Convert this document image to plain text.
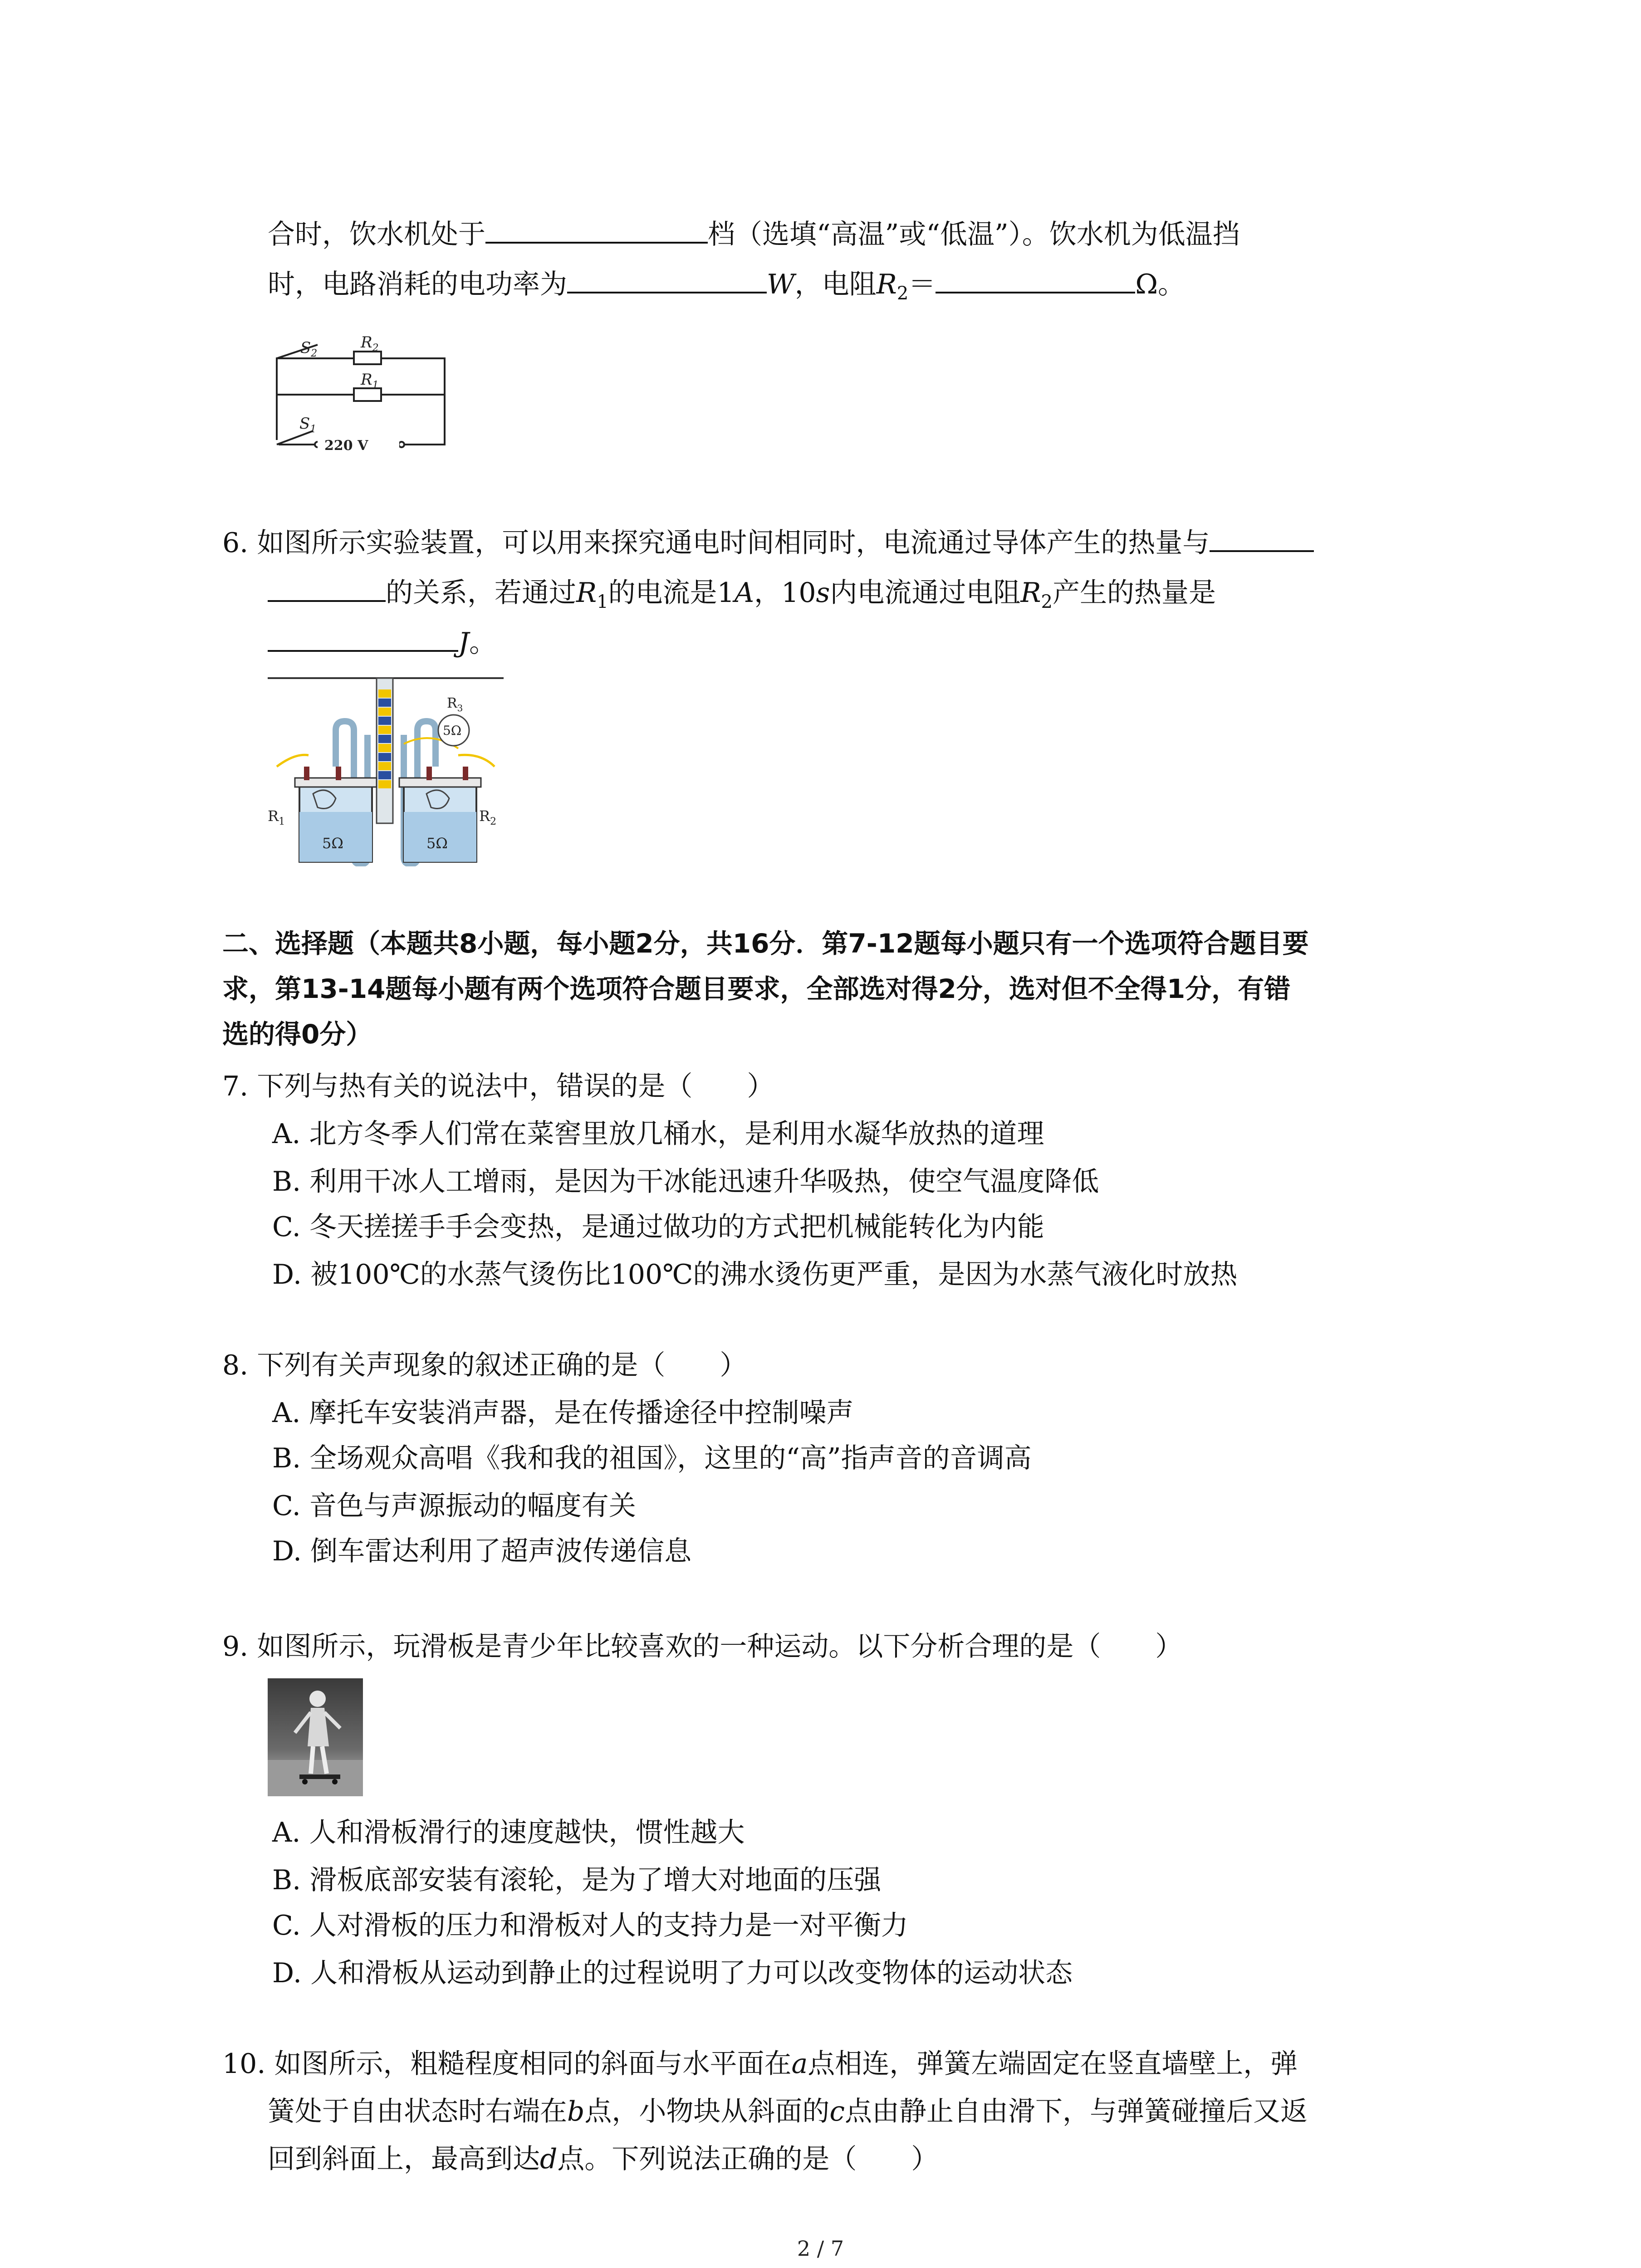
合时，饮水机处于	档（选填“高温”或“低温”）。饮水机为低温挡
时，电路消耗的电功率为	W，电阻$R_2=$	Ω。
$S_2$
$R_2$
$R_1$
$S_1$
220 V
6. 如图所示实验装置，可以用来探究通电时间相同时，电流通过导体产生的热量与
的关系，若通过$R_1$的电流是1A，10s内电流通过电阻$R_2$产生的热量是
J。
$R_3$
5Ω
5Ω	5Ω
$R_1$	$R_2$
二、选择题（本题共8小题，每小题2分，共16分．第7-12题每小题只有一个选项符合题目要
求，第13-14题每小题有两个选项符合题目要求，全部选对得2分，选对但不全得1分，有错
选的得0分）
7. 下列与热有关的说法中，错误的是（　　）
A. 北方冬季人们常在菜窖里放几桶水，是利用水凝华放热的道理
B. 利用干冰人工增雨，是因为干冰能迅速升华吸热，使空气温度降低
C. 冬天搓搓手手会变热，是通过做功的方式把机械能转化为内能
D. 被100℃的水蒸气烫伤比100℃的沸水烫伤更严重，是因为水蒸气液化时放热
8. 下列有关声现象的叙述正确的是（　　）
A. 摩托车安装消声器，是在传播途径中控制噪声
B. 全场观众高唱《我和我的祖国》，这里的“高”指声音的音调高
C. 音色与声源振动的幅度有关
D. 倒车雷达利用了超声波传递信息
9. 如图所示，玩滑板是青少年比较喜欢的一种运动。以下分析合理的是（　　）
A. 人和滑板滑行的速度越快，惯性越大
B. 滑板底部安装有滚轮，是为了增大对地面的压强
C. 人对滑板的压力和滑板对人的支持力是一对平衡力
D. 人和滑板从运动到静止的过程说明了力可以改变物体的运动状态
10. 如图所示，粗糙程度相同的斜面与水平面在a点相连，弹簧左端固定在竖直墙壁上，弹
簧处于自由状态时右端在b点，小物块从斜面的c点由静止自由滑下，与弹簧碰撞后又返
回到斜面上，最高到达d点。下列说法正确的是（　　）
2 / 7
